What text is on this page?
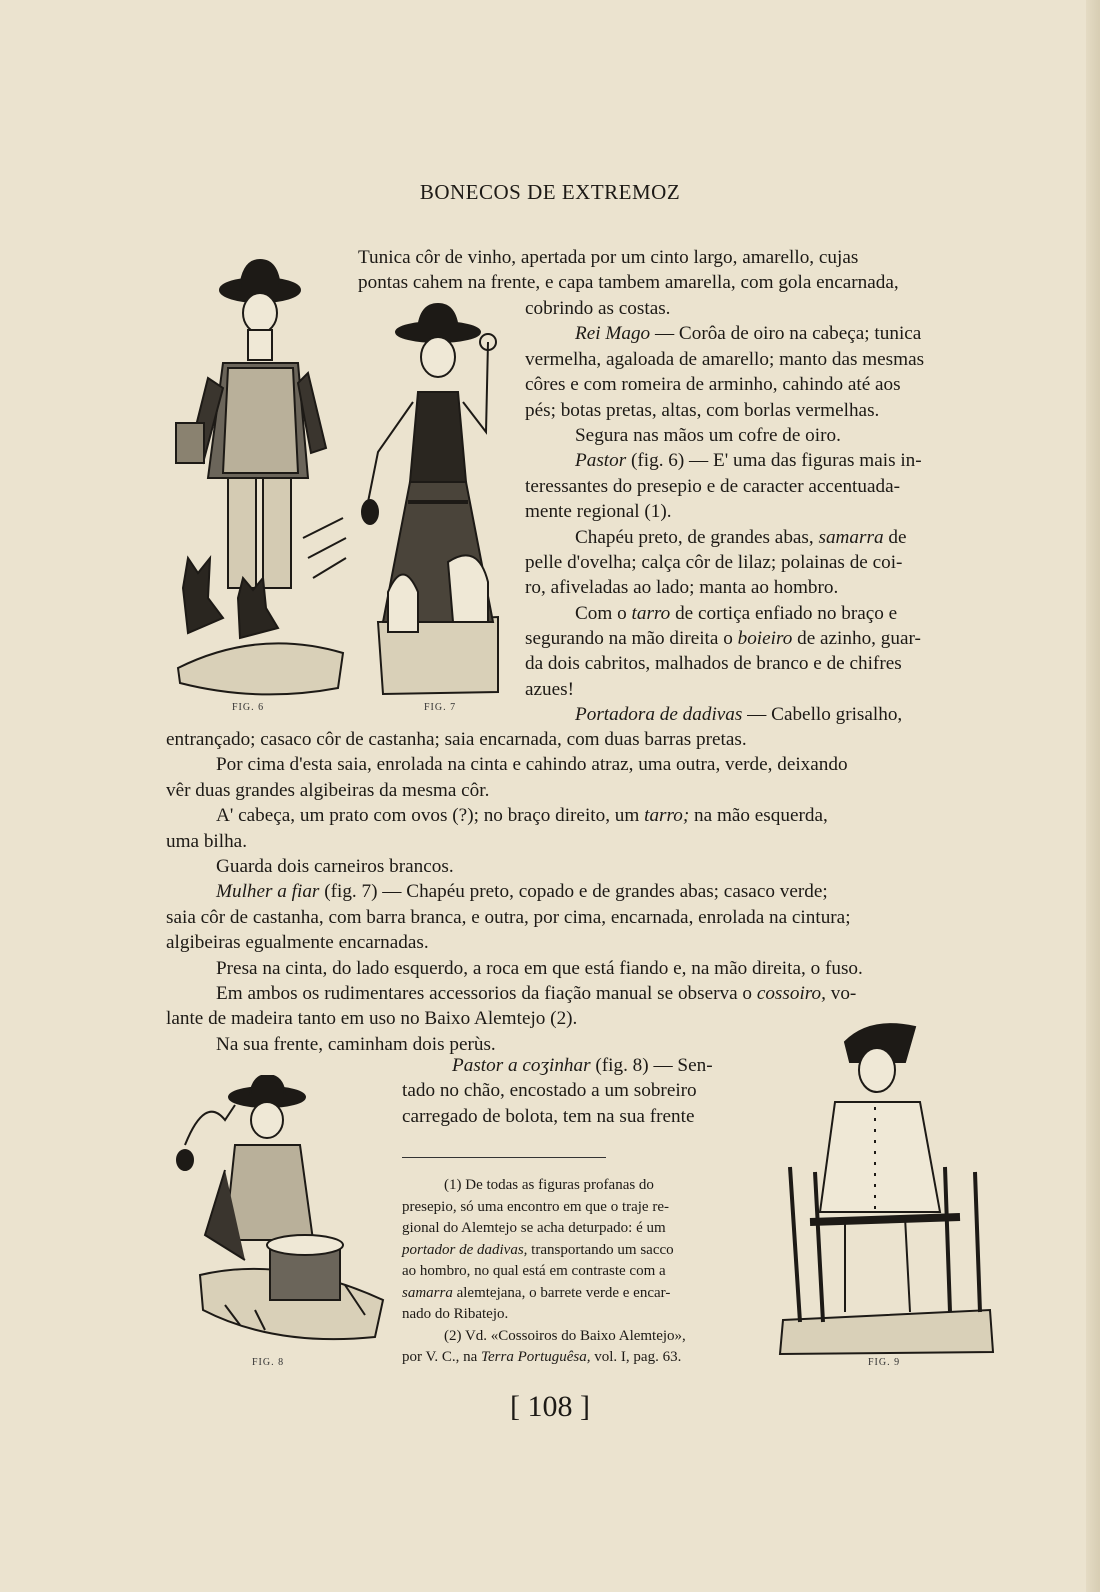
BONECOS DE EXTREMOZ
FIG. 6	FIG. 7
Tunica côr de vinho, apertada por um cinto largo, amarello, cujas
pontas cahem na frente, e capa tambem amarella, com gola encarnada,
cobrindo as costas.
Rei Mago — Corôa de oiro na cabeça; tunica
vermelha, agaloada de amarello; manto das mesmas
côres e com romeira de arminho, cahindo até aos
pés; botas pretas, altas, com borlas vermelhas.
Segura nas mãos um cofre de oiro.
Pastor (fig. 6) — E' uma das figuras mais in-
teressantes do presepio e de caracter accentuada-
mente regional (1).
Chapéu preto, de grandes abas, samarra de
pelle d'ovelha; calça côr de lilaz; polainas de coi-
ro, afiveladas ao lado; manta ao hombro.
Com o tarro de cortiça enfiado no braço e
segurando na mão direita o boieiro de azinho, guar-
da dois cabritos, malhados de branco e de chifres
azues!
Portadora de dadivas — Cabello grisalho,
entrançado; casaco côr de castanha; saia encarnada, com duas barras pretas.
Por cima d'esta saia, enrolada na cinta e cahindo atraz, uma outra, verde, deixando
vêr duas grandes algibeiras da mesma côr.
A' cabeça, um prato com ovos (?); no braço direito, um tarro; na mão esquerda,
uma bilha.
Guarda dois carneiros brancos.
Mulher a fiar (fig. 7) — Chapéu preto, copado e de grandes abas; casaco verde;
saia côr de castanha, com barra branca, e outra, por cima, encarnada, enrolada na cintura;
algibeiras egualmente encarnadas.
Presa na cinta, do lado esquerdo, a roca em que está fiando e, na mão direita, o fuso.
Em ambos os rudimentares accessorios da fiação manual se observa o cossoiro, vo-
lante de madeira tanto em uso no Baixo Alemtejo (2).
Na sua frente, caminham dois perùs.
FIG. 8	FIG. 9
Pastor a coʒinhar (fig. 8) — Sen-
tado no chão, encostado a um sobreiro
carregado de bolota, tem na sua frente
(1) De todas as figuras profanas do
presepio, só uma encontro em que o traje re-
gional do Alemtejo se acha deturpado: é um
portador de dadivas, transportando um sacco
ao hombro, no qual está em contraste com a
samarra alemtejana, o barrete verde e encar-
nado do Ribatejo.
(2) Vd. «Cossoiros do Baixo Alemtejo»,
por V. C., na Terra Portuguêsa, vol. I, pag. 63.
[ 108 ]
